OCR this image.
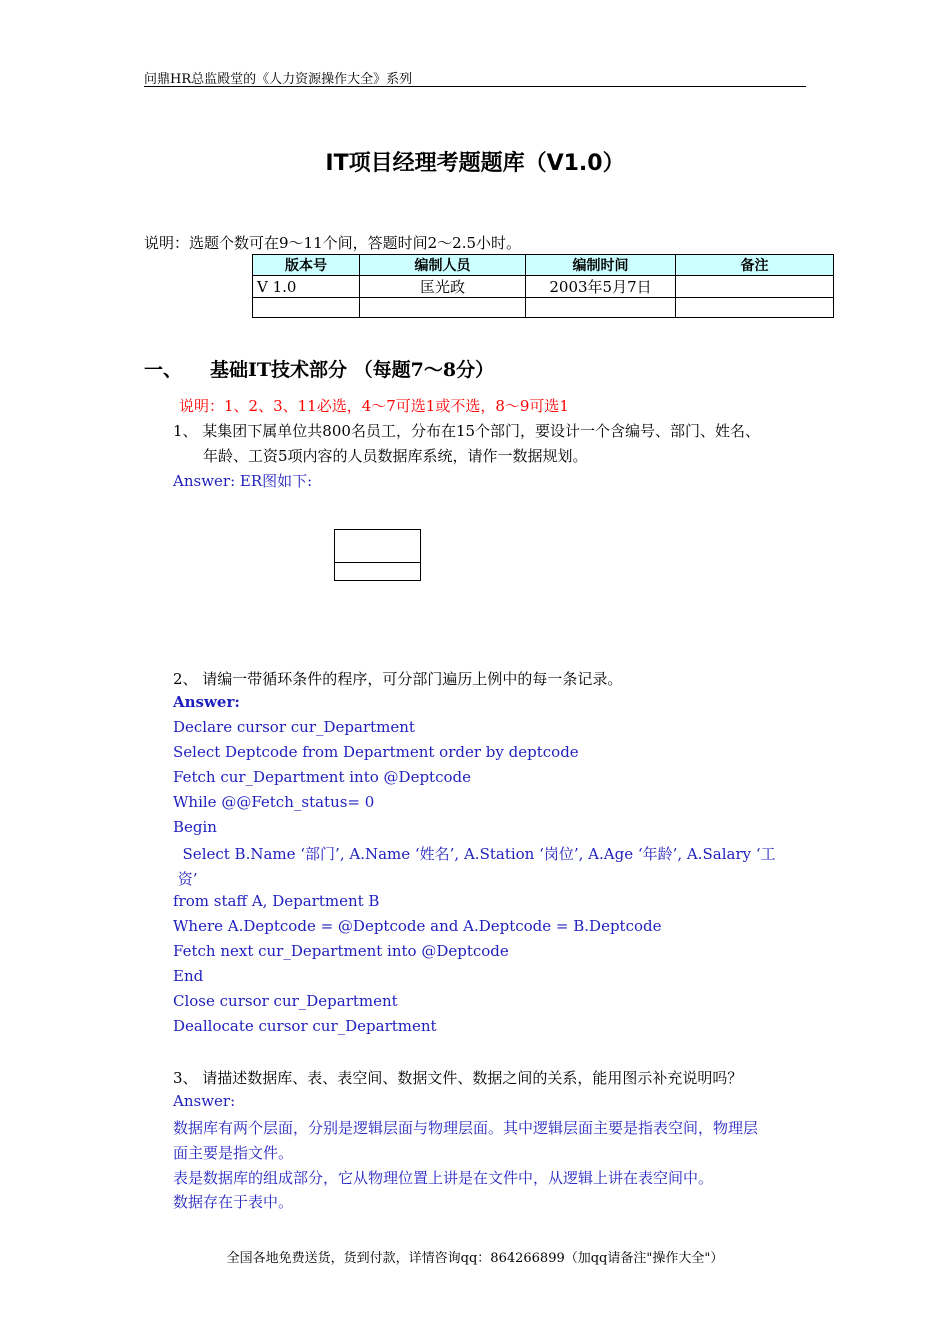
问鼎HR总监殿堂的《人力资源操作大全》系列
IT项目经理考题题库（V1.0）
说明：选题个数可在9～11个间，答题时间2～2.5小时。
版本号	编制人员	编制时间	备注
V 1.0	匡光政	2003年5月7日	

一、 基础IT技术部分 （每题7～8分）
说明：1、2、3、11必选，4～7可选1或不选，8～9可选1
1、 某集团下属单位共800名员工，分布在15个部门，要设计一个含编号、部门、姓名、
年龄、工资5项内容的人员数据库系统，请作一数据规划。
Answer: ER图如下:
2、 请编一带循环条件的程序，可分部门遍历上例中的每一条记录。
Answer:
Declare cursor cur_Department
Select Deptcode from Department order by deptcode
Fetch cur_Department into @Deptcode
While @@Fetch_status= 0
Begin
Select B.Name ‘部门’, A.Name ‘姓名’, A.Station ‘岗位’, A.Age ‘年龄’, A.Salary ‘工
资’
from staff A, Department B
Where A.Deptcode = @Deptcode and A.Deptcode = B.Deptcode
Fetch next cur_Department into @Deptcode
End
Close cursor cur_Department
Deallocate cursor cur_Department
3、 请描述数据库、表、表空间、数据文件、数据之间的关系，能用图示补充说明吗？
Answer:
数据库有两个层面，分别是逻辑层面与物理层面。其中逻辑层面主要是指表空间，物理层
面主要是指文件。
表是数据库的组成部分，它从物理位置上讲是在文件中，从逻辑上讲在表空间中。
数据存在于表中。
全国各地免费送货，货到付款，详情咨询qq：864266899（加qq请备注"操作大全"）
